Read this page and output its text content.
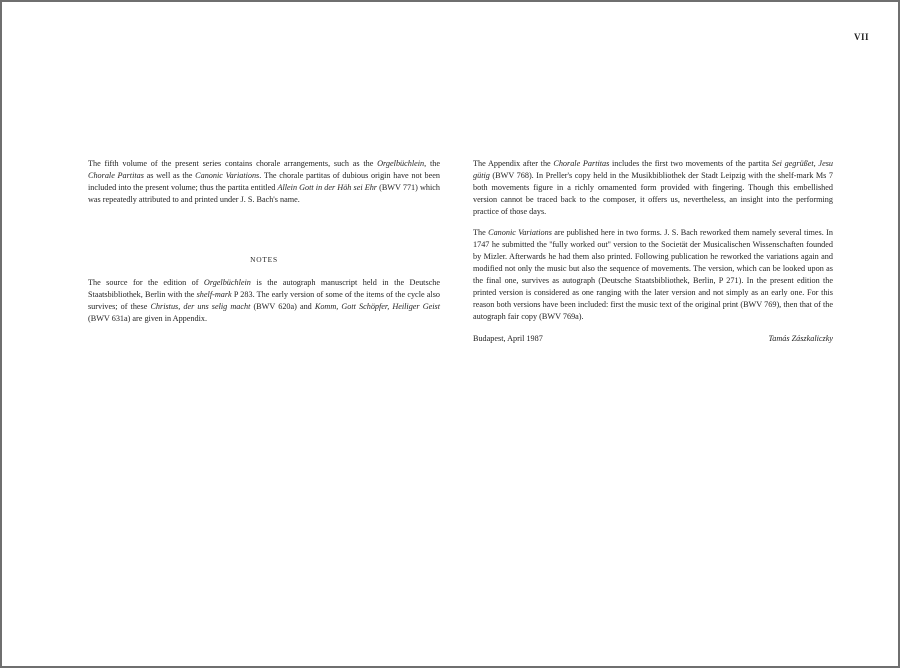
VII

The fifth volume of the present series contains chorale arrangements, such as the Orgelbüchlein, the Chorale Partitas as well as the Canonic Variations. The chorale partitas of dubious origin have not been included into the present volume; thus the partita entitled Allein Gott in der Höh sei Ehr (BWV 771) which was repeatedly attributed to and printed under J. S. Bach's name.

NOTES

The source for the edition of Orgelbüchlein is the autograph manuscript held in the Deutsche Staatsbibliothek, Berlin with the shelf-mark P 283. The early version of some of the items of the cycle also survives; of these Christus, der uns selig macht (BWV 620a) and Komm, Gott Schöpfer, Heiliger Geist (BWV 631a) are given in Appendix.

The Appendix after the Chorale Partitas includes the first two movements of the partita Sei gegrüßet, Jesu gütig (BWV 768). In Preller's copy held in the Musikbibliothek der Stadt Leipzig with the shelf-mark Ms 7 both movements figure in a richly ornamented form provided with fingering. Though this embellished version cannot be traced back to the composer, it offers us, nevertheless, an insight into the performing practice of those days.

The Canonic Variations are published here in two forms. J. S. Bach reworked them namely several times. In 1747 he submitted the ''fully worked out'' version to the Societät der Musicalischen Wissenschaften founded by Mizler. Afterwards he had them also printed. Following publication he reworked the variations again and modified not only the music but also the sequence of movements. The version, which can be looked upon as the final one, survives as autograph (Deutsche Staatsbibliothek, Berlin, P 271). In the present edition the printed version is considered as one ranging with the later version and not simply as an early one. For this reason both versions have been included: first the music text of the original print (BWV 769), then that of the autograph fair copy (BWV 769a).

Budapest, April 1987	Tamás Zászkaliczky
